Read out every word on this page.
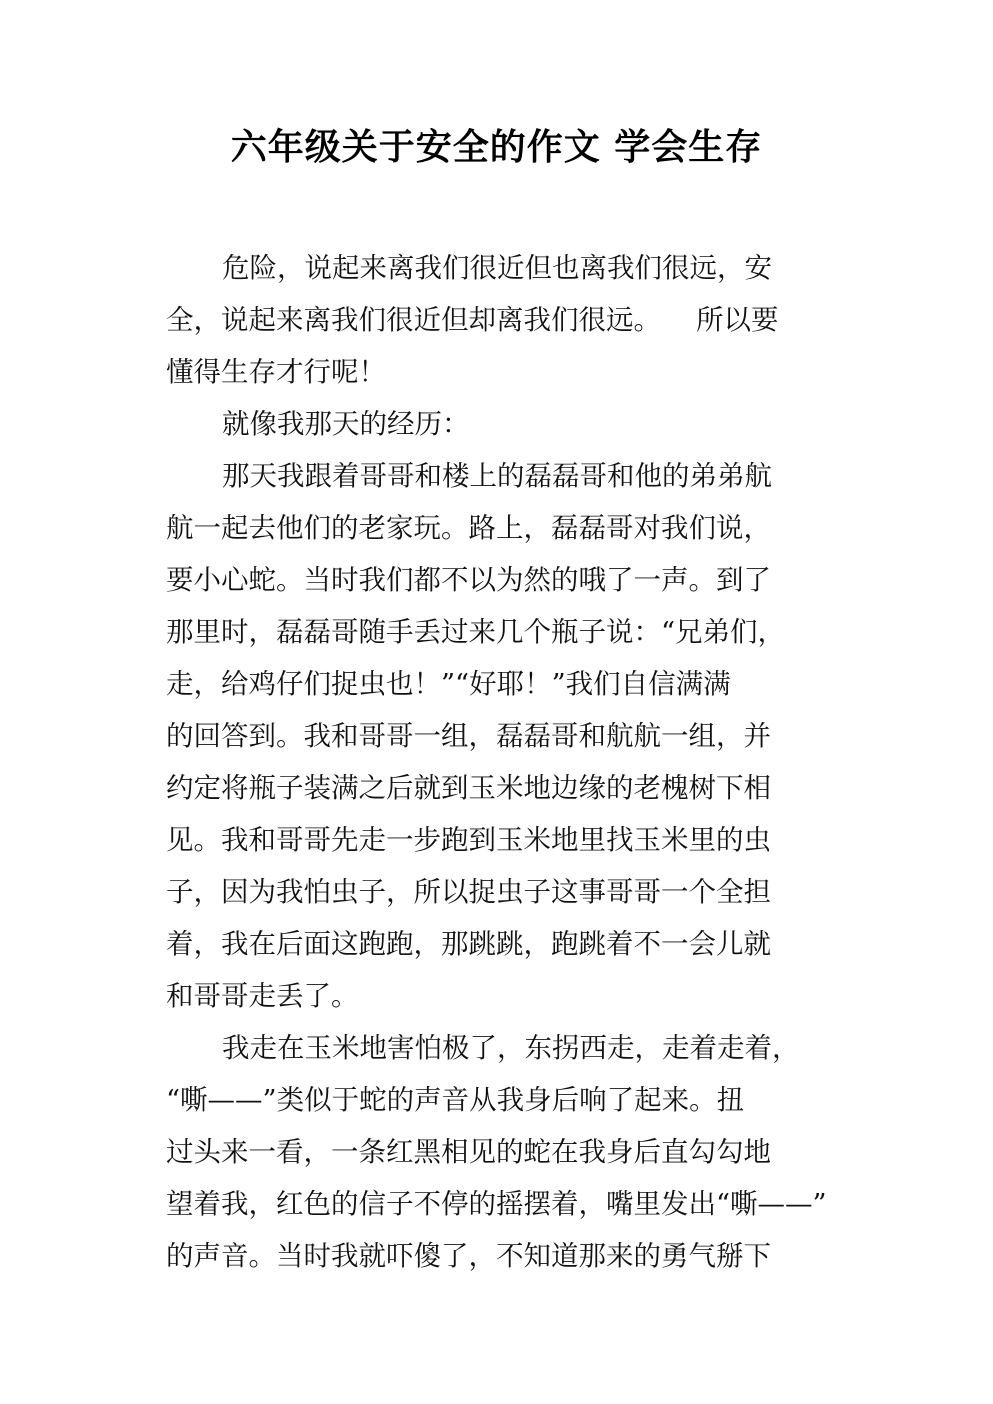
六年级关于安全的作文 学会生存
危险，说起来离我们很近但也离我们很远，安
全，说起来离我们很近但却离我们很远。    所以要
懂得生存才行呢！
就像我那天的经历：
那天我跟着哥哥和楼上的磊磊哥和他的弟弟航
航一起去他们的老家玩。路上，磊磊哥对我们说，
要小心蛇。当时我们都不以为然的哦了一声。到了
那里时，磊磊哥随手丢过来几个瓶子说：“兄弟们，
走，给鸡仔们捉虫也！”“好耶！”我们自信满满
的回答到。我和哥哥一组，磊磊哥和航航一组，并
约定将瓶子装满之后就到玉米地边缘的老槐树下相
见。我和哥哥先走一步跑到玉米地里找玉米里的虫
子，因为我怕虫子，所以捉虫子这事哥哥一个全担
着，我在后面这跑跑，那跳跳，跑跳着不一会儿就
和哥哥走丢了。
我走在玉米地害怕极了，东拐西走，走着走着，
“嘶——”类似于蛇的声音从我身后响了起来。扭
过头来一看，一条红黑相见的蛇在我身后直勾勾地
望着我，红色的信子不停的摇摆着，嘴里发出“嘶——”
的声音。当时我就吓傻了，不知道那来的勇气掰下
